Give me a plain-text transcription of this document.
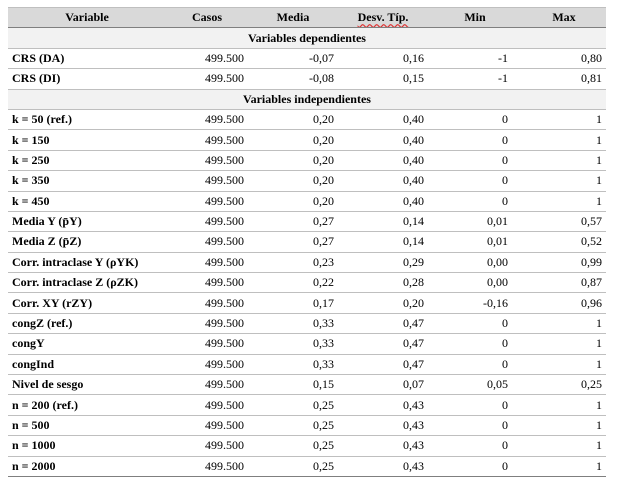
Variable	Casos	Media	Desv. Típ.	Min	Max
Variables dependientes					
CRS (DA)	499.500	-0,07	0,16	-1	0,80
CRS (DI)	499.500	-0,08	0,15	-1	0,81
Variables independientes					
k = 50 (ref.)	499.500	0,20	0,40	0	1
k = 150	499.500	0,20	0,40	0	1
k = 250	499.500	0,20	0,40	0	1
k = 350	499.500	0,20	0,40	0	1
k = 450	499.500	0,20	0,40	0	1
Media Y (p̄Y)	499.500	0,27	0,14	0,01	0,57
Media Z (p̄Z)	499.500	0,27	0,14	0,01	0,52
Corr. intraclase Y (ρYK)	499.500	0,23	0,29	0,00	0,99
Corr. intraclase Z (ρZK)	499.500	0,22	0,28	0,00	0,87
Corr. XY (rZY)	499.500	0,17	0,20	-0,16	0,96
congZ (ref.)	499.500	0,33	0,47	0	1
congY	499.500	0,33	0,47	0	1
congInd	499.500	0,33	0,47	0	1
Nivel de sesgo	499.500	0,15	0,07	0,05	0,25
n = 200 (ref.)	499.500	0,25	0,43	0	1
n = 500	499.500	0,25	0,43	0	1
n = 1000	499.500	0,25	0,43	0	1
n = 2000	499.500	0,25	0,43	0	1
